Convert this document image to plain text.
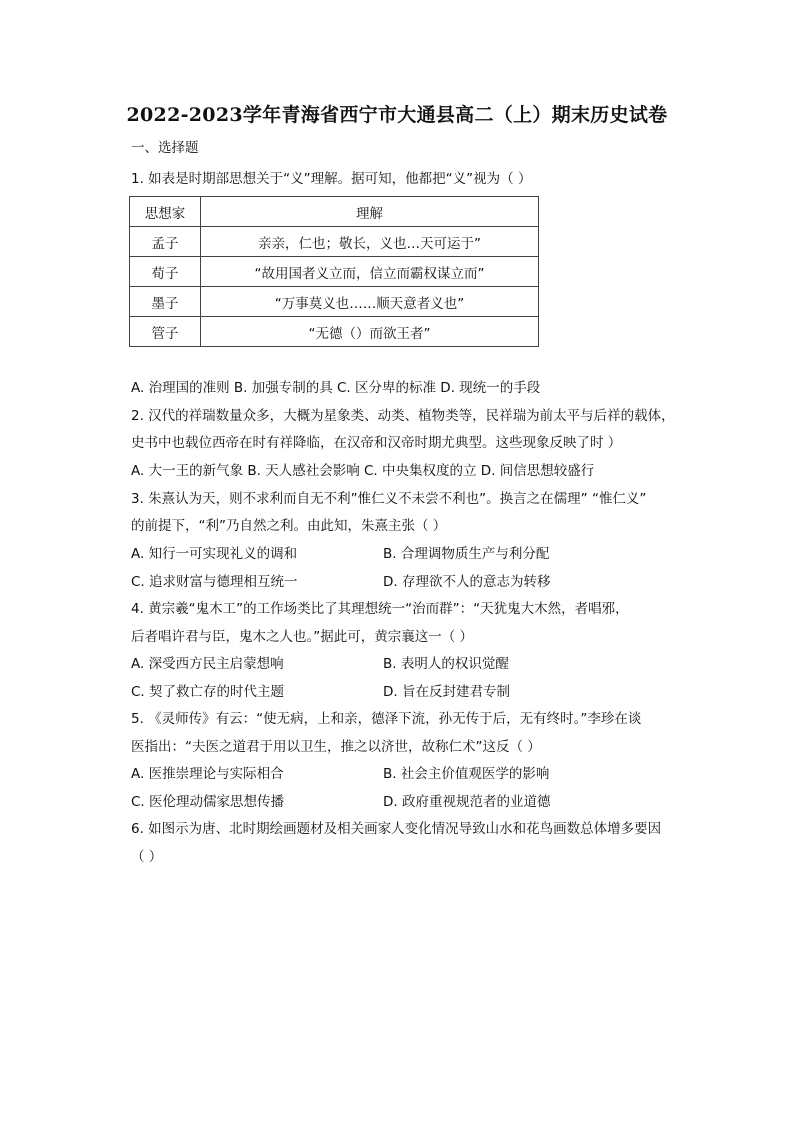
2022-2023学年青海省西宁市大通县高二（上）期末历史试卷
一、选择题
1. 如表是时期部思想关于“义”理解。据可知，他都把“义”视为（ ）
思想家	理解
孟子	亲亲，仁也；敬长，义也…天可运于”
荀子	“故用国者义立而，信立而霸权谋立而”
墨子	“万事莫义也……顺天意者义也”
管子	“无德（）而欲王者”
A. 治理国的准则 B. 加强专制的具 C. 区分卑的标准 D. 现统一的手段
2. 汉代的祥瑞数量众多，大概为星象类、动类、植物类等，民祥瑞为前太平与后祥的载体，
史书中也载位西帝在时有祥降临，在汉帝和汉帝时期尤典型。这些现象反映了时 ）
A. 大一王的新气象 B. 天人感社会影响 C. 中央集权度的立 D. 间信思想较盛行
3. 朱熹认为天，则不求利而自无不利”惟仁义不未尝不利也”。换言之在儒理” “惟仁义”
的前提下，“利”乃自然之利。由此知，朱熹主张（ ）
A. 知行一可实现礼义的调和	B. 合理调物质生产与利分配
C. 追求财富与德理相互统一	D. 存理欲不人的意志为转移
4. 黄宗羲“鬼木工”的工作场类比了其理想统一“治而群”：“天犹鬼大木然，者唱邪，
后者唱许君与臣，鬼木之人也。”据此可，黄宗襄这一（ ）
A. 深受西方民主启蒙想响	B. 表明人的权识觉醒
C. 契了救亡存的时代主题	D. 旨在反封建君专制
5. 《灵师传》有云：“使无病，上和亲，德泽下流，孙无传于后，无有终时。”李珍在谈
医指出：“夫医之道君于用以卫生，推之以济世，故称仁术”这反（ ）
A. 医推崇理论与实际相合	B. 社会主价值观医学的影响
C. 医伦理动儒家思想传播	D. 政府重视规范者的业道德
6. 如图示为唐、北时期绘画题材及相关画家人变化情况导致山水和花鸟画数总体增多要因
（ ）
